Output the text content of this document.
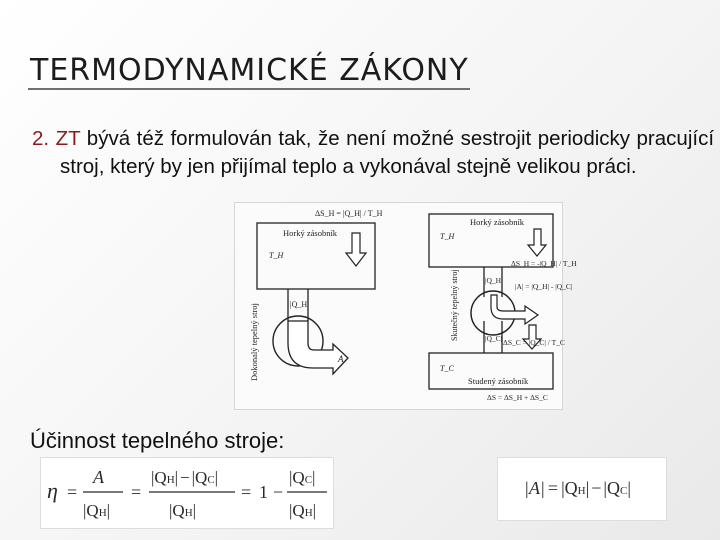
TERMODYNAMICKÉ ZÁKONY
2. ZT bývá též formulován tak, že není možné sestrojit periodicky pracující stroj, který by jen přijímal teplo a vykonával stejně velikou práci.
ΔS_H = |Q_H| / T_H
Horký zásobník
T_H
|Q_H|
A
Dokonalý tepelný stroj
Horký zásobník
T_H
ΔS_H = -|Q_H| / T_H
|Q_H|
|A| = |Q_H| - |Q_C|
|Q_C|
Skutečný tepelný stroj
ΔS_C = |Q_C| / T_C
T_C
Studený zásobník
ΔS = ΔS_H + ΔS_C
Účinnost tepelného stroje:
η =
A
|QH|
=
|QH| − |QC|
|QH|
= 1 −
|QC|
|QH|
|A| = |QH| − |QC|
